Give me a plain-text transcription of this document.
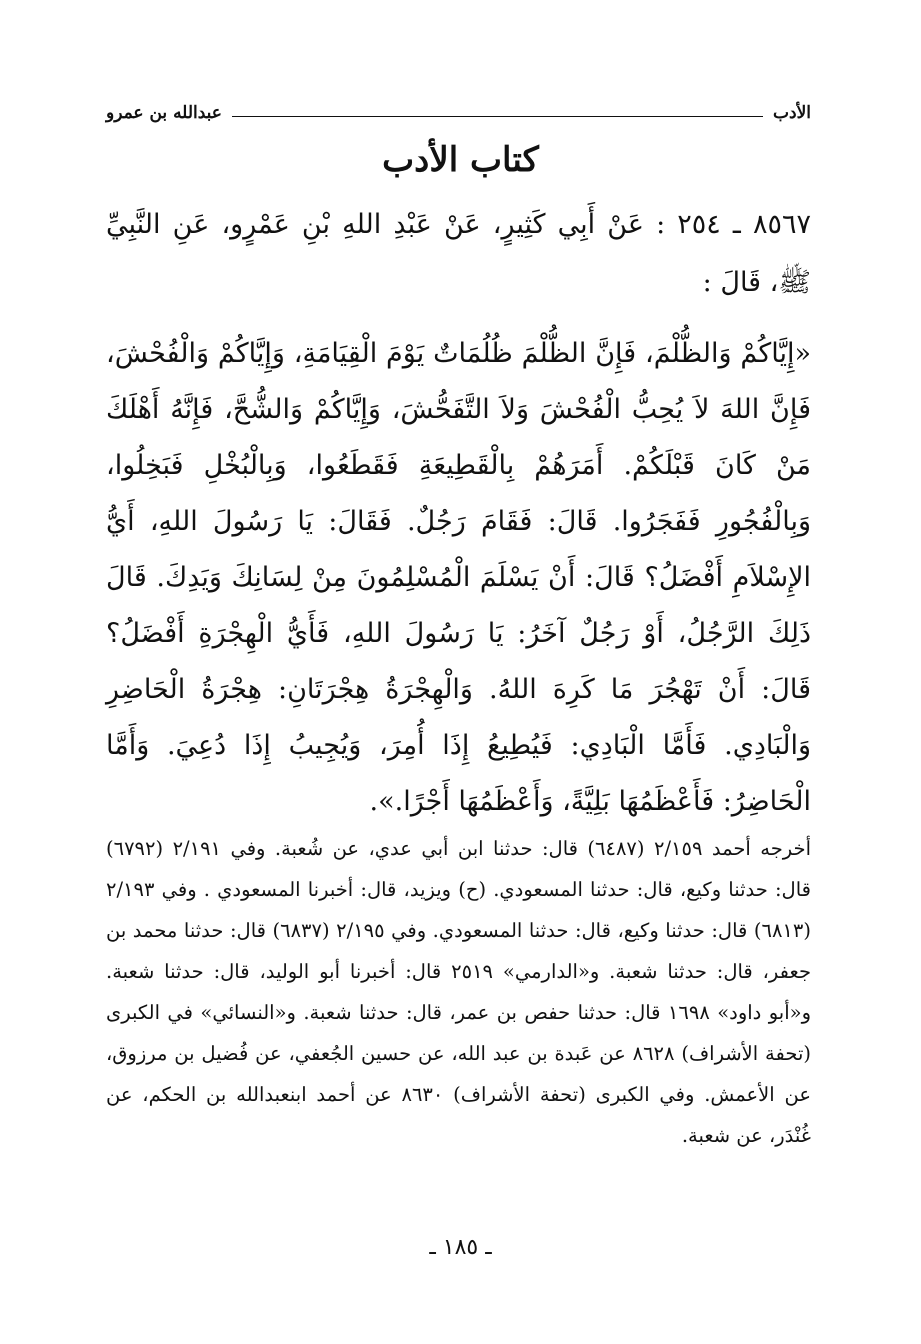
الأدب
عبدالله بن عمرو
كتاب الأدب

٨٥٦٧ ـ ٢٥٤ : عَنْ أَبِي كَثِيرٍ، عَنْ عَبْدِ اللهِ بْنِ عَمْرٍو، عَنِ النَّبِيِّ ﷺ، قَالَ :

«إِيَّاكُمْ وَالظُّلْمَ، فَإِنَّ الظُّلْمَ ظُلُمَاتٌ يَوْمَ الْقِيَامَةِ، وَإِيَّاكُمْ وَالْفُحْشَ، فَإِنَّ اللهَ لاَ يُحِبُّ الْفُحْشَ وَلاَ التَّفَحُّشَ، وَإِيَّاكُمْ وَالشُّحَّ، فَإِنَّهُ أَهْلَكَ مَنْ كَانَ قَبْلَكُمْ. أَمَرَهُمْ بِالْقَطِيعَةِ فَقَطَعُوا، وَبِالْبُخْلِ فَبَخِلُوا، وَبِالْفُجُورِ فَفَجَرُوا. قَالَ: فَقَامَ رَجُلٌ. فَقَالَ: يَا رَسُولَ اللهِ، أَيُّ الإِسْلاَمِ أَفْضَلُ؟ قَالَ: أَنْ يَسْلَمَ الْمُسْلِمُونَ مِنْ لِسَانِكَ وَيَدِكَ. قَالَ ذَلِكَ الرَّجُلُ، أَوْ رَجُلٌ آخَرُ: يَا رَسُولَ اللهِ، فَأَيُّ الْهِجْرَةِ أَفْضَلُ؟ قَالَ: أَنْ تَهْجُرَ مَا كَرِهَ اللهُ. وَالْهِجْرَةُ هِجْرَتَانِ: هِجْرَةُ الْحَاضِرِ وَالْبَادِي. فَأَمَّا الْبَادِي: فَيُطِيعُ إِذَا أُمِرَ، وَيُجِيبُ إِذَا دُعِيَ. وَأَمَّا الْحَاضِرُ: فَأَعْظَمُهَا بَلِيَّةً، وَأَعْظَمُهَا أَجْرًا.».

أخرجه أحمد ٢/١٥٩ (٦٤٨٧) قال: حدثنا ابن أبي عدي، عن شُعبة. وفي ٢/١٩١ (٦٧٩٢) قال: حدثنا وكيع، قال: حدثنا المسعودي. (ح) ويزيد، قال: أخبرنا المسعودي . وفي ٢/١٩٣ (٦٨١٣) قال: حدثنا وكيع، قال: حدثنا المسعودي. وفي ٢/١٩٥ (٦٨٣٧) قال: حدثنا محمد بن جعفر، قال: حدثنا شعبة. و«الدارمي» ٢٥١٩ قال: أخبرنا أبو الوليد، قال: حدثنا شعبة. و«أبو داود» ١٦٩٨ قال: حدثنا حفص بن عمر، قال: حدثنا شعبة. و«النسائي» في الكبرى (تحفة الأشراف) ٨٦٢٨ عن عَبدة بن عبد الله، عن حسين الجُعفي، عن فُضيل بن مرزوق، عن الأعمش. وفي الكبرى (تحفة الأشراف) ٨٦٣٠ عن أحمد ابنعبدالله بن الحكم، عن غُنْدَر، عن شعبة.

ـ ١٨٥ ـ
